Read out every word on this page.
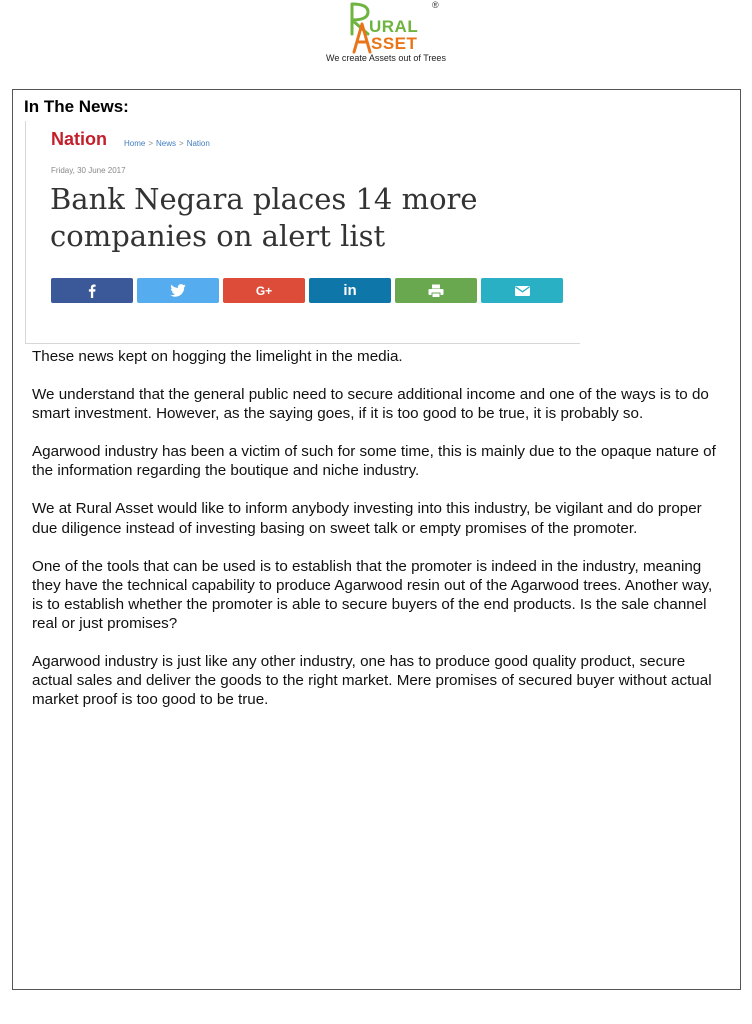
URAL
SSET
®
We create Assets out of Trees
In The News:
Nation Home > News > Nation
Friday, 30 June 2017
Bank Negara places 14 more companies on alert list
G+	in

These news kept on hogging the limelight in the media.

We understand that the general public need to secure additional income and one of the ways is to do smart investment. However, as the saying goes, if it is too good to be true, it is probably so.

Agarwood industry has been a victim of such for some time, this is mainly due to the opaque nature of the information regarding the boutique and niche industry.

We at Rural Asset would like to inform anybody investing into this industry, be vigilant and do proper due diligence instead of investing basing on sweet talk or empty promises of the promoter.

One of the tools that can be used is to establish that the promoter is indeed in the industry, meaning they have the technical capability to produce Agarwood resin out of the Agarwood trees. Another way, is to establish whether the promoter is able to secure buyers of the end products. Is the sale channel real or just promises?

Agarwood industry is just like any other industry, one has to produce good quality product, secure actual sales and deliver the goods to the right market. Mere promises of secured buyer without actual market proof is too good to be true.
